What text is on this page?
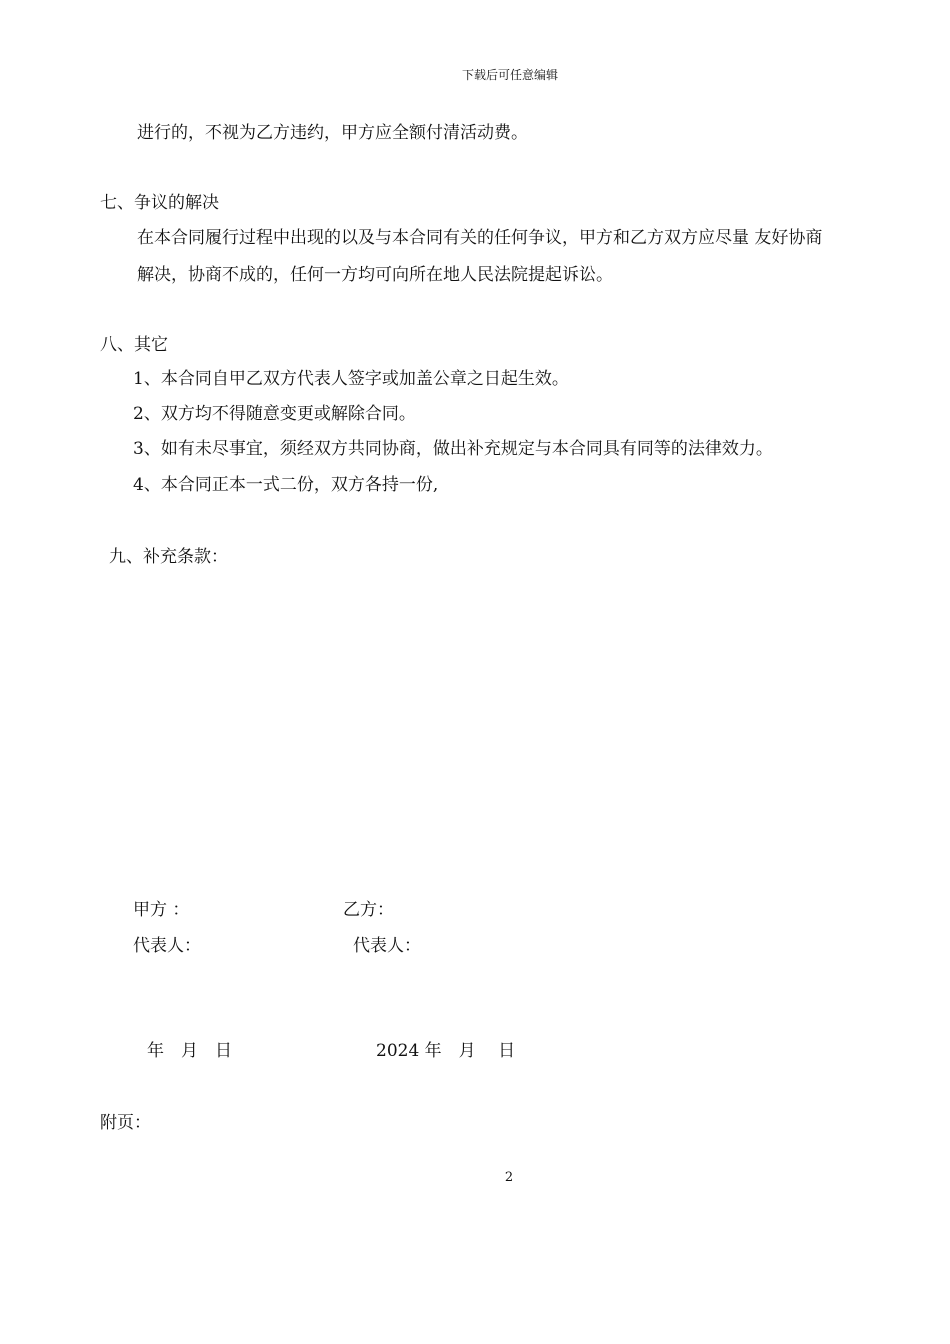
下载后可任意编辑
进行的，不视为乙方违约，甲方应全额付清活动费。
七、争议的解决
在本合同履行过程中出现的以及与本合同有关的任何争议，甲方和乙方双方应尽量 友好协商
解决，协商不成的，任何一方均可向所在地人民法院提起诉讼。
八、其它
1、本合同自甲乙双方代表人签字或加盖公章之日起生效。
2、双方均不得随意变更或解除合同。
3、如有未尽事宜，须经双方共同协商，做出补充规定与本合同具有同等的法律效力。
4、本合同正本一式二份，双方各持一份,
九、补充条款：
甲方 ：	乙方：
代表人：	代表人：
年　月　日	2024 年　月　 日
附页：
2
